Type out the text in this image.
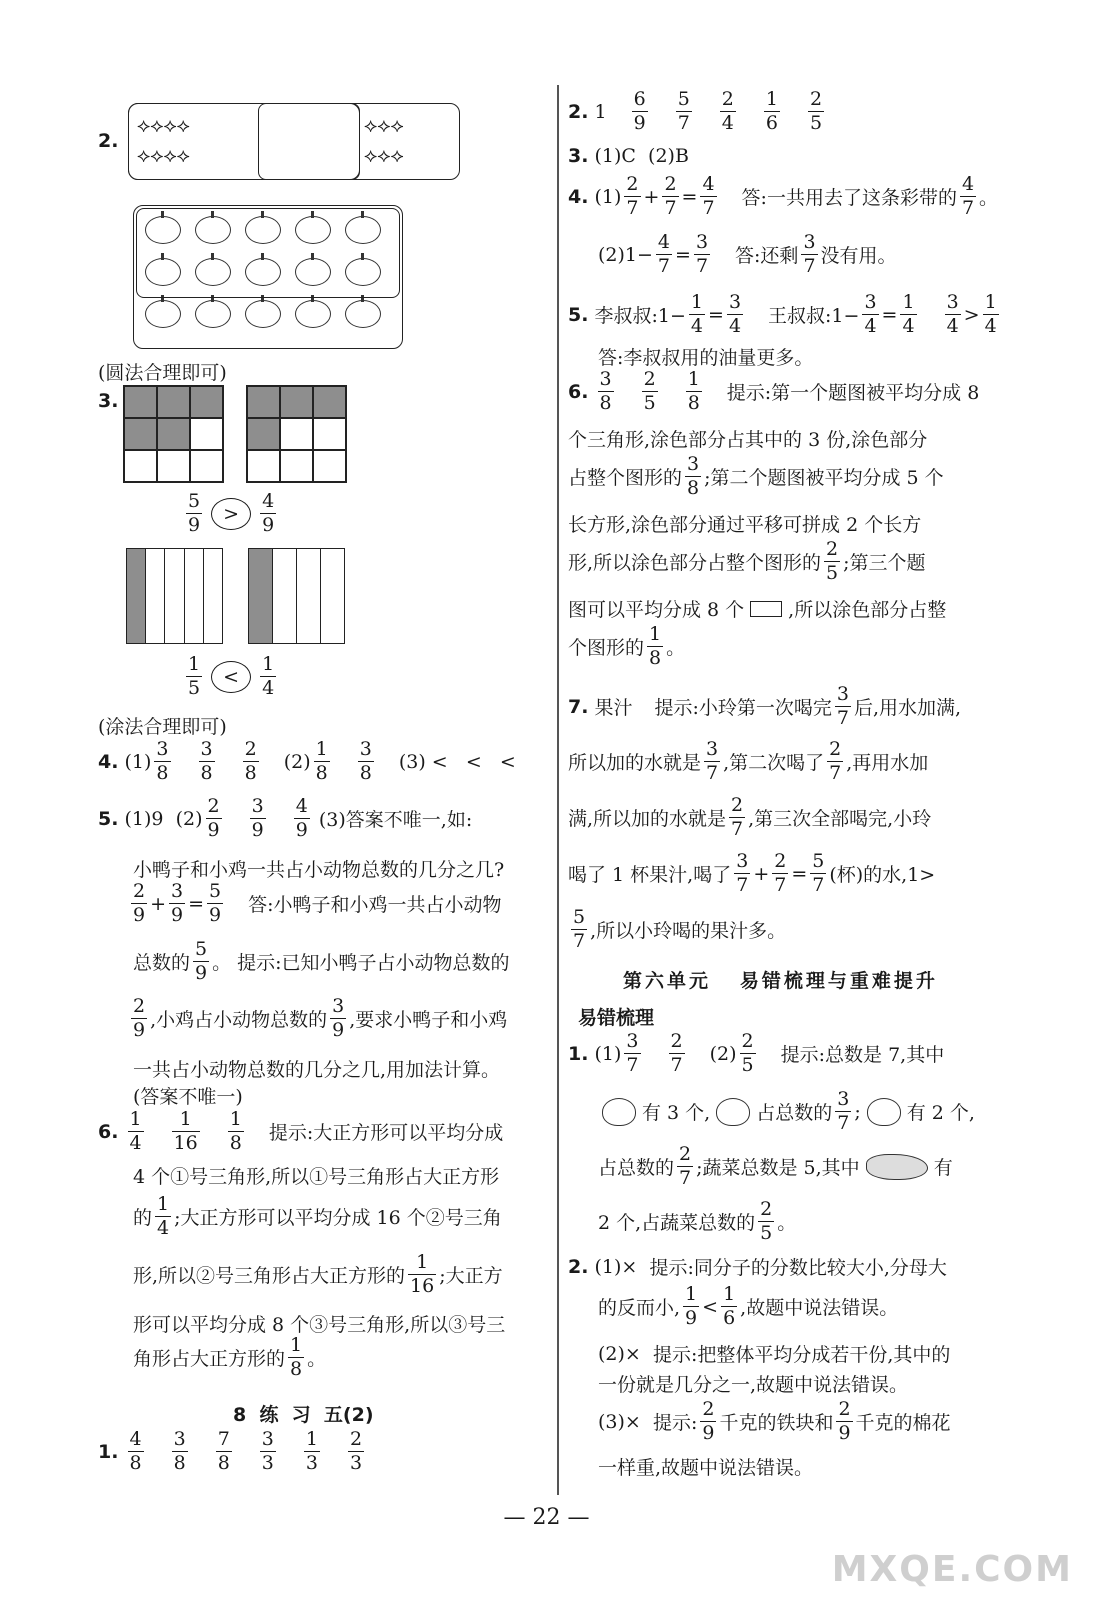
2.
⟡⟡⟡⟡
⟡⟡⟡⟡
⟡⟡⟡
⟡⟡⟡

(圆法合理即可)
3.
$\frac{5}{9}$	>	$\frac{4}{9}$
$\frac{1}{5}$	<	$\frac{1}{4}$
(涂法合理即可)
4.
$(1) \frac{3}{8} \frac{3}{8} \frac{2}{8} (2) \frac{1}{8} \frac{3}{8} (3)$
<   <   <
5.
(1)9
$(2) \frac{2}{9} \frac{3}{9} \frac{4}{9}$
(3)答案不唯一,如:
小鸭子和小鸡一共占小动物总数的几分之几?
$\frac{2}{9} + \frac{3}{9} = \frac{5}{9}$ 答:小鸭子和小鸡一共占小动物
总数的 $\frac{5}{9}$ 。 提示:已知小鸭子占小动物总数的
$\frac{2}{9}$ ,小鸡占小动物总数的 $\frac{3}{9}$ ,要求小鸭子和小鸡
一共占小动物总数的几分之几,用加法计算。
(答案不唯一)
6.
$\frac{1}{4} \frac{1}{16} \frac{1}{8}$ 提示:大正方形可以平均分成
4 个①号三角形,所以①号三角形占大正方形
的 $\frac{1}{4}$ ;大正方形可以平均分成 16 个②号三角
形,所以②号三角形占大正方形的 $\frac{1}{16}$ ;大正方
形可以平均分成 8 个③号三角形,所以③号三
角形占大正方形的 $\frac{1}{8}$ 。
8  练  习  五(2)
1.
$\frac{4}{8} \frac{3}{8} \frac{7}{8} \frac{3}{3} \frac{1}{3} \frac{2}{3}$
2.
$1 \frac{6}{9} \frac{5}{7} \frac{2}{4} \frac{1}{6} \frac{2}{5}$
3.
(1)C  (2)B
4.
$(1) \frac{2}{7} + \frac{2}{7} = \frac{4}{7}$ 答:一共用去了这条彩带的 $\frac{4}{7}$ 。
$(2)1- \frac{4}{7} = \frac{3}{7}$ 答:还剩 $\frac{3}{7}$ 没有用。
5.
李叔叔:1− $\frac{1}{4} = \frac{3}{4}$ 王叔叔:1− $\frac{3}{4} = \frac{1}{4} \frac{3}{4} > \frac{1}{4}$
答:李叔叔用的油量更多。
6.
$\frac{3}{8} \frac{2}{5} \frac{1}{8}$ 提示:第一个题图被平均分成 8
个三角形,涂色部分占其中的 3 份,涂色部分
占整个图形的 $\frac{3}{8}$ ;第二个题图被平均分成 5 个
长方形,涂色部分通过平移可拼成 2 个长方
形,所以涂色部分占整个图形的 $\frac{2}{5}$ ;第三个题
图可以平均分成 8 个 ,所以涂色部分占整
个图形的 $\frac{1}{8}$ 。
7.
果汁 提示:小玲第一次喝完 $\frac{3}{7}$ 后,用水加满,
所以加的水就是 $\frac{3}{7}$ ,第二次喝了 $\frac{2}{7}$ ,再用水加
满,所以加的水就是 $\frac{2}{7}$ ,第三次全部喝完,小玲
喝了 1 杯果汁,喝了 $\frac{3}{7} + \frac{2}{7} = \frac{5}{7}$ (杯)的水,1>
$\frac{5}{7}$ ,所以小玲喝的果汁多。
第六单元   易错梳理与重难提升
易错梳理
1.
$(1) \frac{3}{7} \frac{2}{7} (2) \frac{2}{5}$ 提示:总数是 7,其中
有 3 个, 占总数的 $\frac{3}{7}$ ; 有 2 个,
占总数的 $\frac{2}{7}$ ;蔬菜总数是 5,其中	有
2 个,占蔬菜总数的 $\frac{2}{5}$ 。
2.
(1)×
提示:同分子的分数比较大小,分母大
的反而小, $\frac{1}{9} < \frac{1}{6}$ ,故题中说法错误。
(2)×
提示:把整体平均分成若干份,其中的
一份就是几分之一,故题中说法错误。
(3)×
提示: $\frac{2}{9}$ 千克的铁块和 $\frac{2}{9}$ 千克的棉花
一样重,故题中说法错误。
— 22 —
MXQE.COM
